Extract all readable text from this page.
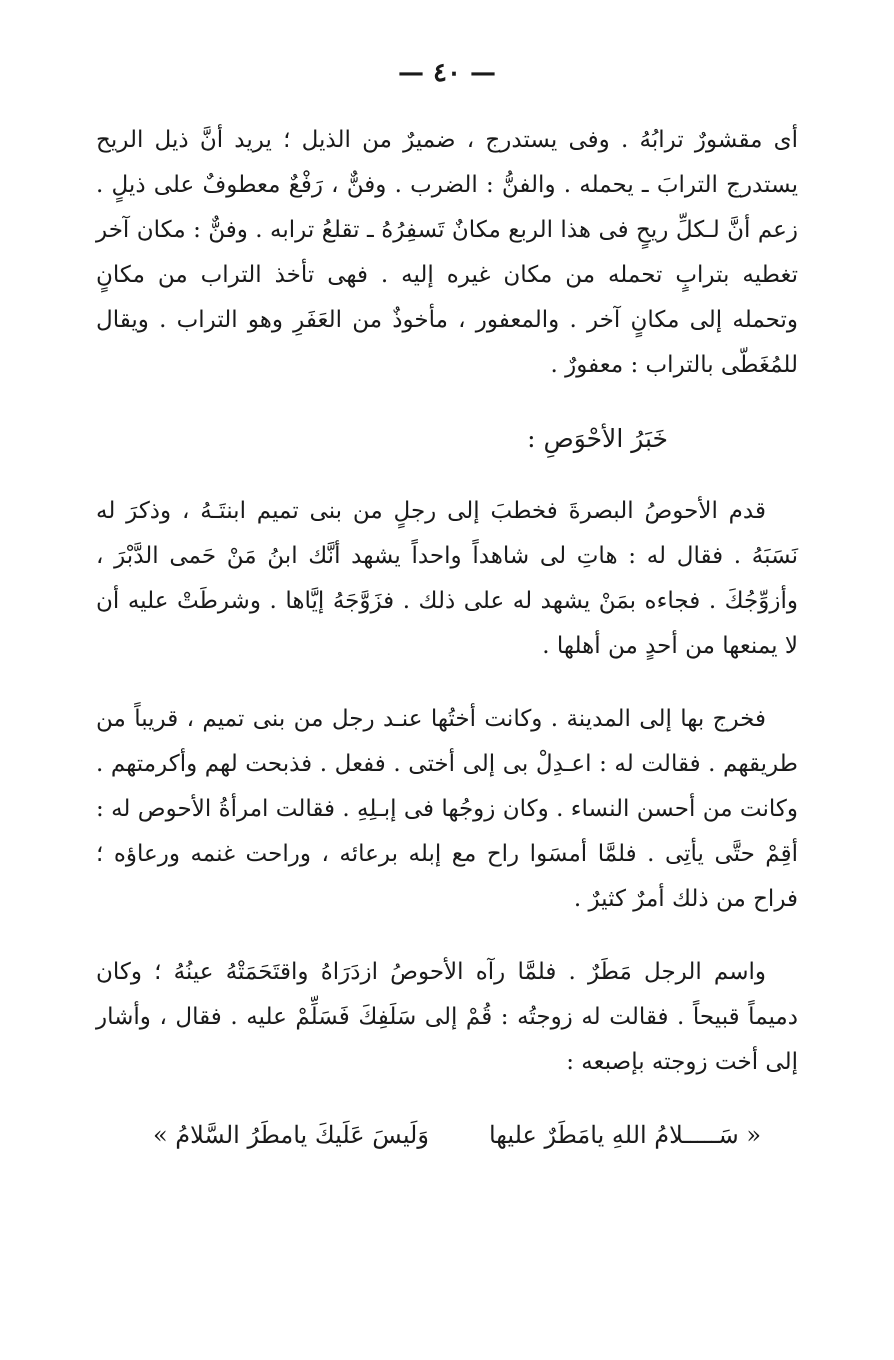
— ٤٠ —

أى مقشورٌ ترابُهُ . وفى يستدرج ، ضميرٌ من الذيل ؛ يريد أنَّ ذيل الريح يستدرج الترابَ ـ يحمله . والفنُّ : الضرب . وفنٌّ ، رَفْعٌ معطوفٌ على ذيلٍ . زعم أنَّ لـكلِّ ريحٍ فى هذا الربع مكانٌ تَسفِرُهُ ـ تقلعُ ترابه . وفنٌّ : مكان آخر تغطيه بترابٍ تحمله من مكان غيره إليه . فهى تأخذ التراب من مكانٍ وتحمله إلى مكانٍ آخر . والمعفور ، مأخوذٌ من العَفَرِ وهو التراب . ويقال للمُغَطّى بالتراب : معفورٌ .

خَبَرُ الأحْوَصِ :

قدم الأحوصُ البصرةَ فخطبَ إلى رجلٍ من بنى تميم ابنتَـهُ ، وذكرَ له نَسَبَهُ . فقال له : هاتِ لى شاهداً واحداً يشهد أنَّك ابنُ مَنْ حَمى الدَّبْرَ ، وأزوِّجُكَ . فجاءه بمَنْ يشهد له على ذلك . فزَوَّجَهُ إيَّاها . وشرطَتْ عليه أن لا يمنعها من أحدٍ من أهلها .

فخرج بها إلى المدينة . وكانت أختُها عنـد رجل من بنى تميم ، قريباً من طريقهم . فقالت له : اعـدِلْ بى إلى أختى . ففعل . فذبحت لهم وأكرمتهم . وكانت من أحسن النساء . وكان زوجُها فى إبـلِهِ . فقالت امرأةُ الأحوص له : أقِمْ حتَّى يأتِى . فلمَّا أمسَوا راح مع إبله برعائه ، وراحت غنمه ورعاؤه ؛ فراح من ذلك أمرٌ كثيرٌ .

واسم الرجل مَطَرٌ . فلمَّا رآه الأحوصُ ازدَرَاهُ واقتَحَمَتْهُ عينُهُ ؛ وكان دميماً قبيحاً . فقالت له زوجتُه : قُمْ إلى سَلَفِكَ فَسَلِّمْ عليه . فقال ، وأشار إلى أخت زوجته بإصبعه :

« سَـــــلامُ اللهِ يامَطَرٌ عليها
وَلَيسَ عَلَيكَ يامطَرُ السَّلامُ »
